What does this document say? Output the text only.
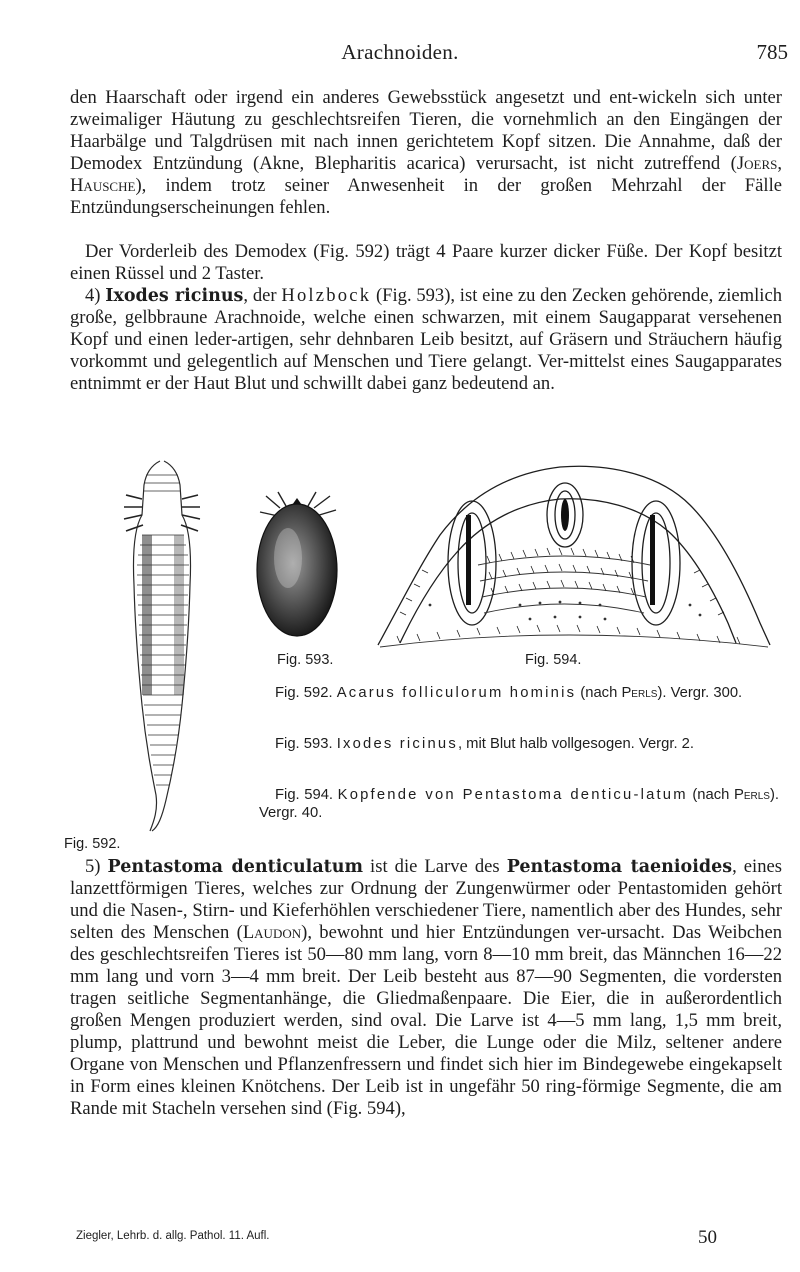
Arachnoiden.	785

den Haarschaft oder irgend ein anderes Gewebsstück angesetzt und ent-wickeln sich unter zweimaliger Häutung zu geschlechtsreifen Tieren, die vornehmlich an den Eingängen der Haarbälge und Talgdrüsen mit nach innen gerichtetem Kopf sitzen. Die Annahme, daß der Demodex Entzündung (Akne, Blepharitis acarica) verursacht, ist nicht zutreffend (Joers, Hausche), indem trotz seiner Anwesenheit in der großen Mehrzahl der Fälle Entzündungserscheinungen fehlen.

Der Vorderleib des Demodex (Fig. 592) trägt 4 Paare kurzer dicker Füße. Der Kopf besitzt einen Rüssel und 2 Taster.

4) Ixodes ricinus, der Holzbock (Fig. 593), ist eine zu den Zecken gehörende, ziemlich große, gelbbraune Arachnoide, welche einen schwarzen, mit einem Saugapparat versehenen Kopf und einen leder-artigen, sehr dehnbaren Leib besitzt, auf Gräsern und Sträuchern häufig vorkommt und gelegentlich auf Menschen und Tiere gelangt. Ver-mittelst eines Saugapparates entnimmt er der Haut Blut und schwillt dabei ganz bedeutend an.

Fig. 592.
Fig. 593.	Fig. 594.

Fig. 592. Acarus folliculorum hominis (nach Perls). Vergr. 300.

Fig. 593. Ixodes ricinus, mit Blut halb vollgesogen. Vergr. 2.

Fig. 594. Kopfende von Pentastoma denticu-latum (nach Perls). Vergr. 40.

5) Pentastoma denticulatum ist die Larve des Pentastoma taenioides, eines lanzettförmigen Tieres, welches zur Ordnung der Zungenwürmer oder Pentastomiden gehört und die Nasen-, Stirn- und Kieferhöhlen verschiedener Tiere, namentlich aber des Hundes, sehr selten des Menschen (Laudon), bewohnt und hier Entzündungen ver-ursacht. Das Weibchen des geschlechtsreifen Tieres ist 50—80 mm lang, vorn 8—10 mm breit, das Männchen 16—22 mm lang und vorn 3—4 mm breit. Der Leib besteht aus 87—90 Segmenten, die vordersten tragen seitliche Segmentanhänge, die Gliedmaßenpaare. Die Eier, die in außerordentlich großen Mengen produziert werden, sind oval. Die Larve ist 4—5 mm lang, 1,5 mm breit, plump, plattrund und bewohnt meist die Leber, die Lunge oder die Milz, seltener andere Organe von Menschen und Pflanzenfressern und findet sich hier im Bindegewebe eingekapselt in Form eines kleinen Knötchens. Der Leib ist in ungefähr 50 ring-förmige Segmente, die am Rande mit Stacheln versehen sind (Fig. 594),

Ziegler, Lehrb. d. allg. Pathol. 11. Aufl.	50
